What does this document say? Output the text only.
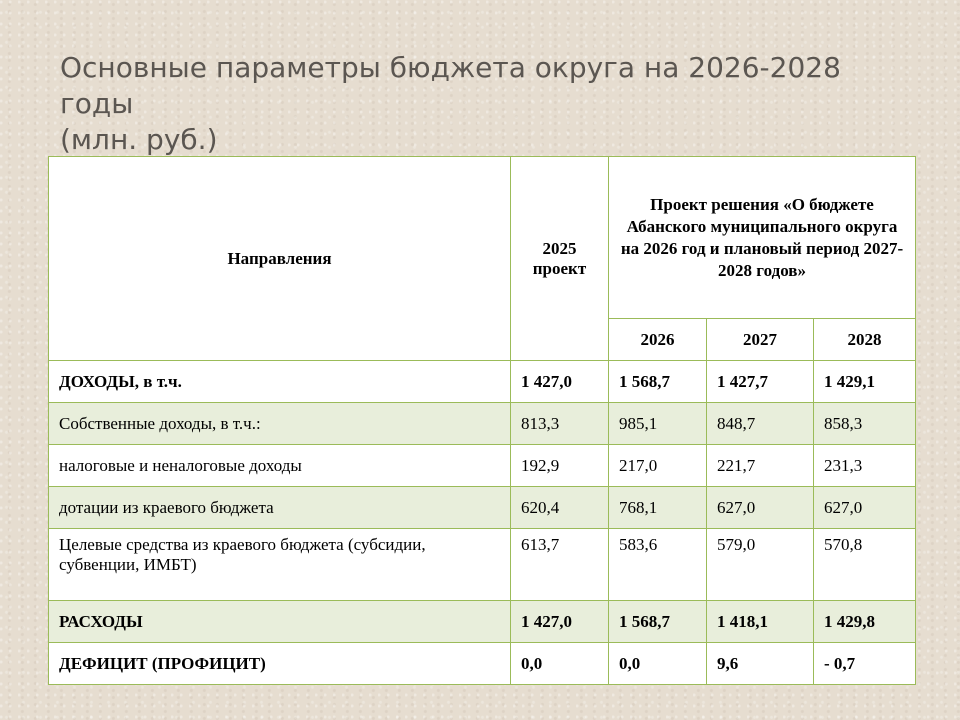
Основные параметры бюджета округа на 2026-2028 годы
(млн. руб.)
Направления	2025 проект	Проект решения «О бюджете Абанского муниципального округа на 2026 год и плановый период 2027-2028 годов»		
		2026	2027	2028
ДОХОДЫ, в т.ч.	1 427,0	1 568,7	1 427,7	1 429,1
Собственные доходы, в т.ч.:	813,3	985,1	848,7	858,3
налоговые и неналоговые доходы	192,9	217,0	221,7	231,3
дотации из краевого бюджета	620,4	768,1	627,0	627,0
Целевые средства из краевого бюджета (субсидии, субвенции, ИМБТ)	613,7	583,6	579,0	570,8
РАСХОДЫ	1 427,0	1 568,7	1 418,1	1 429,8
ДЕФИЦИТ (ПРОФИЦИТ)	0,0	0,0	9,6	- 0,7
